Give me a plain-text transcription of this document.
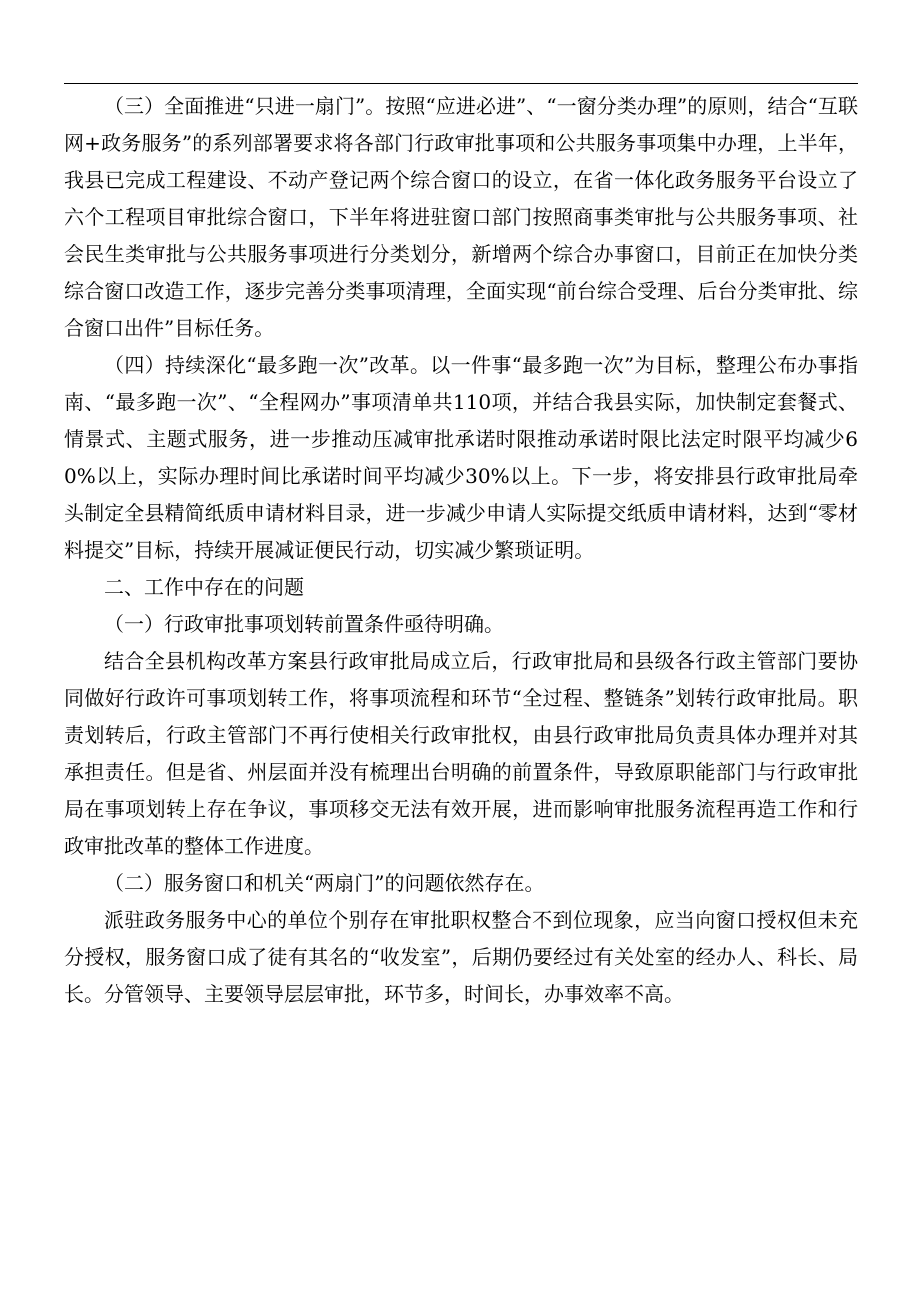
（三）全面推进“只进一扇门”。按照“应进必进”、“一窗分类办理”的原则，结合“互联网+政务服务”的系列部署要求将各部门行政审批事项和公共服务事项集中办理，上半年，我县已完成工程建设、不动产登记两个综合窗口的设立，在省一体化政务服务平台设立了六个工程项目审批综合窗口，下半年将进驻窗口部门按照商事类审批与公共服务事项、社会民生类审批与公共服务事项进行分类划分，新增两个综合办事窗口，目前正在加快分类综合窗口改造工作，逐步完善分类事项清理，全面实现“前台综合受理、后台分类审批、综合窗口出件”目标任务。

（四）持续深化“最多跑一次”改革。以一件事“最多跑一次”为目标，整理公布办事指南、“最多跑一次”、“全程网办”事项清单共110项，并结合我县实际，加快制定套餐式、情景式、主题式服务，进一步推动压减审批承诺时限推动承诺时限比法定时限平均减少60%以上，实际办理时间比承诺时间平均减少30%以上。下一步，将安排县行政审批局牵头制定全县精简纸质申请材料目录，进一步减少申请人实际提交纸质申请材料，达到“零材料提交”目标，持续开展减证便民行动，切实减少繁琐证明。

二、工作中存在的问题

（一）行政审批事项划转前置条件亟待明确。

结合全县机构改革方案县行政审批局成立后，行政审批局和县级各行政主管部门要协同做好行政许可事项划转工作，将事项流程和环节“全过程、整链条”划转行政审批局。职责划转后，行政主管部门不再行使相关行政审批权，由县行政审批局负责具体办理并对其承担责任。但是省、州层面并没有梳理出台明确的前置条件，导致原职能部门与行政审批局在事项划转上存在争议，事项移交无法有效开展，进而影响审批服务流程再造工作和行政审批改革的整体工作进度。

（二）服务窗口和机关“两扇门”的问题依然存在。

派驻政务服务中心的单位个别存在审批职权整合不到位现象，应当向窗口授权但未充分授权，服务窗口成了徒有其名的“收发室”，后期仍要经过有关处室的经办人、科长、局长。分管领导、主要领导层层审批，环节多，时间长，办事效率不高。
